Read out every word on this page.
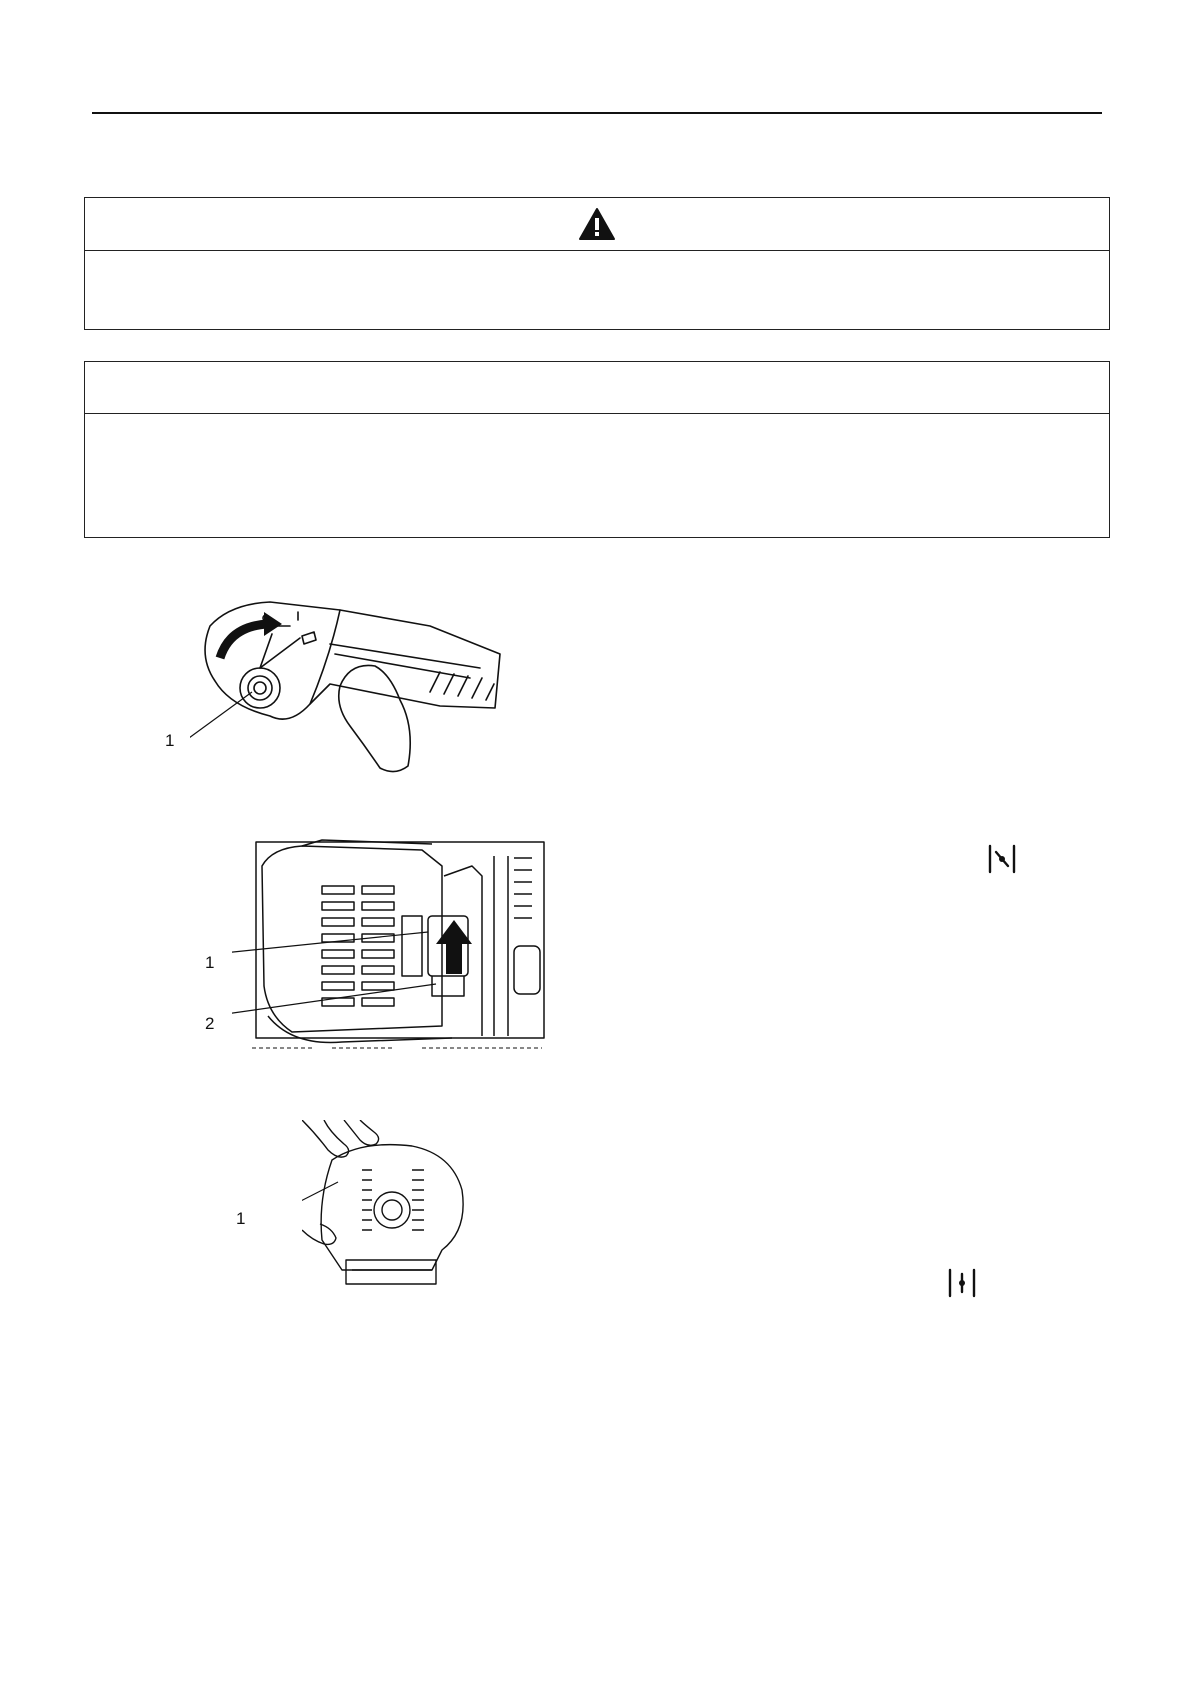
1
1
2
1
